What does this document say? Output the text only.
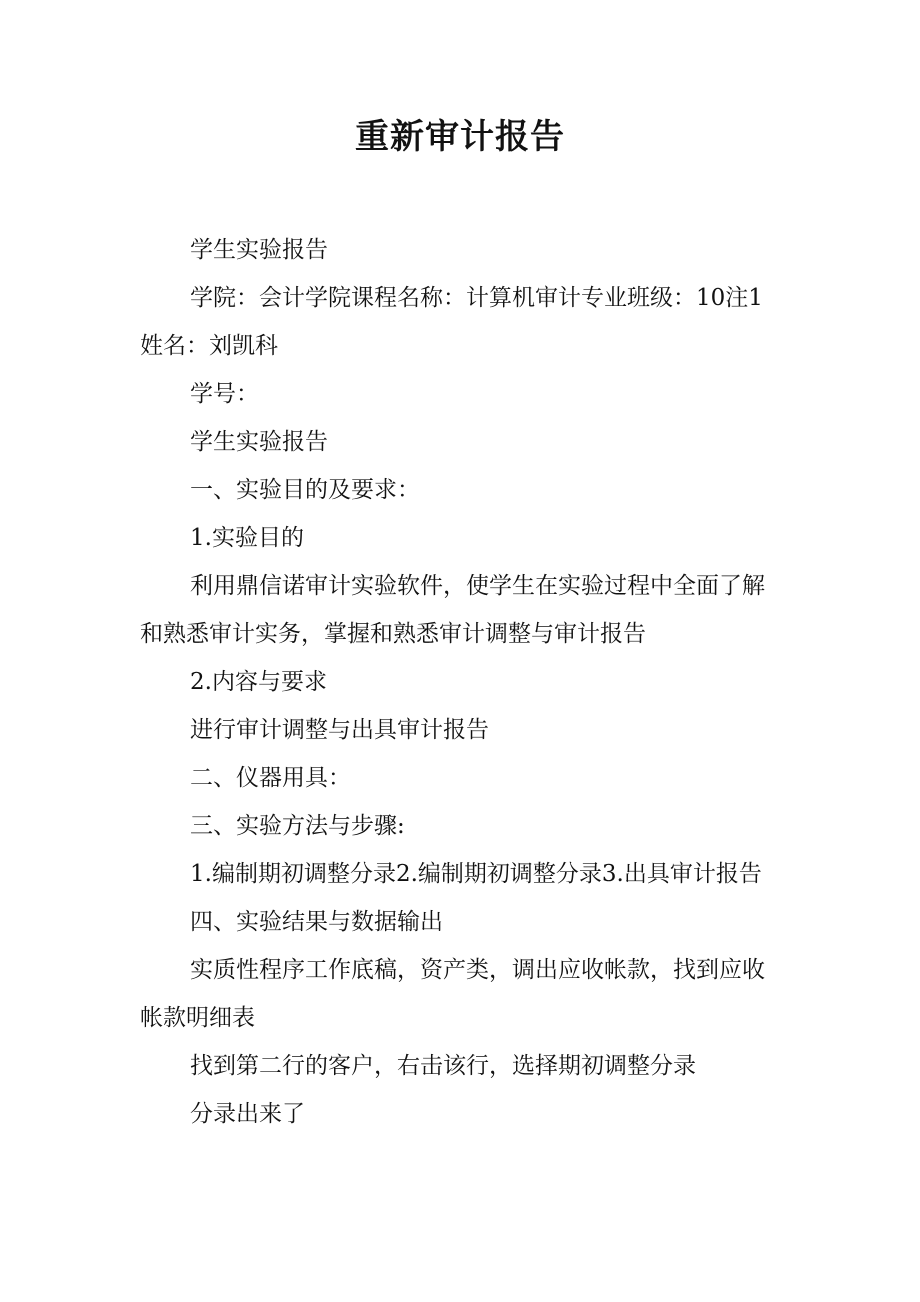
重新审计报告

学生实验报告

学院：会计学院课程名称：计算机审计专业班级：10注1姓名：刘凯科

学号：

学生实验报告

一、实验目的及要求：

1.实验目的

利用鼎信诺审计实验软件，使学生在实验过程中全面了解和熟悉审计实务，掌握和熟悉审计调整与审计报告

2.内容与要求

进行审计调整与出具审计报告

二、仪器用具：

三、实验方法与步骤:

1.编制期初调整分录2.编制期初调整分录3.出具审计报告

四、实验结果与数据输出

实质性程序工作底稿，资产类，调出应收帐款，找到应收帐款明细表

找到第二行的客户，右击该行，选择期初调整分录

分录出来了
